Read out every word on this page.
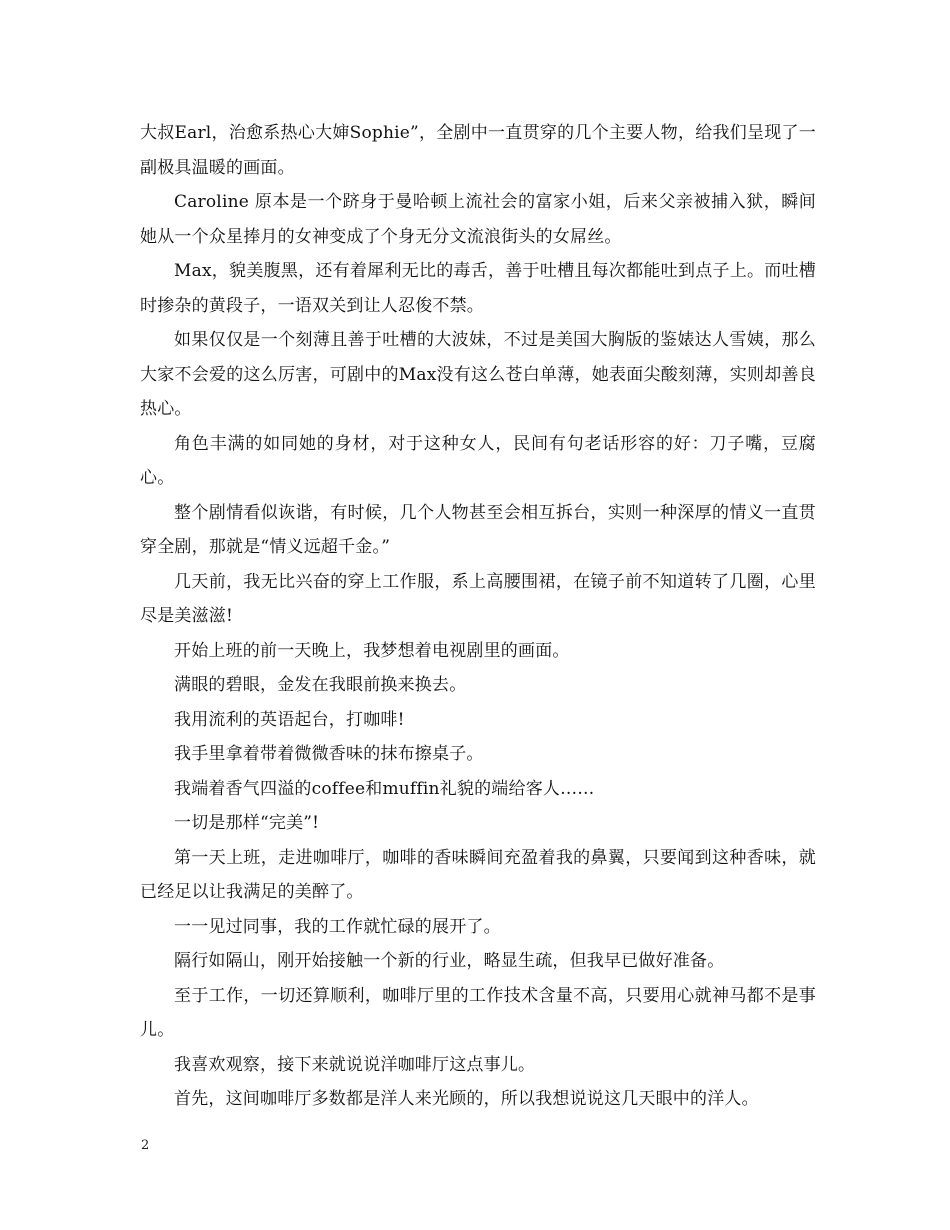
大叔Earl，治愈系热心大婶Sophie”，全剧中一直贯穿的几个主要人物，给我们呈现了一副极具温暖的画面。

Caroline 原本是一个跻身于曼哈顿上流社会的富家小姐，后来父亲被捕入狱，瞬间她从一个众星捧月的女神变成了个身无分文流浪街头的女屌丝。

Max，貌美腹黑，还有着犀利无比的毒舌，善于吐槽且每次都能吐到点子上。而吐槽时掺杂的黄段子，一语双关到让人忍俊不禁。

如果仅仅是一个刻薄且善于吐槽的大波妹，不过是美国大胸版的鉴婊达人雪姨，那么大家不会爱的这么厉害，可剧中的Max没有这么苍白单薄，她表面尖酸刻薄，实则却善良热心。

角色丰满的如同她的身材，对于这种女人，民间有句老话形容的好：刀子嘴，豆腐心。

整个剧情看似诙谐，有时候，几个人物甚至会相互拆台，实则一种深厚的情义一直贯穿全剧，那就是“情义远超千金。”

几天前，我无比兴奋的穿上工作服，系上高腰围裙，在镜子前不知道转了几圈，心里尽是美滋滋!

开始上班的前一天晚上，我梦想着电视剧里的画面。

满眼的碧眼，金发在我眼前换来换去。

我用流利的英语起台，打咖啡!

我手里拿着带着微微香味的抹布擦桌子。

我端着香气四溢的coffee和muffin礼貌的端给客人……

一切是那样“完美”!

第一天上班，走进咖啡厅，咖啡的香味瞬间充盈着我的鼻翼，只要闻到这种香味，就已经足以让我满足的美醉了。

一一见过同事，我的工作就忙碌的展开了。

隔行如隔山，刚开始接触一个新的行业，略显生疏，但我早已做好准备。

至于工作，一切还算顺利，咖啡厅里的工作技术含量不高，只要用心就神马都不是事儿。

我喜欢观察，接下来就说说洋咖啡厅这点事儿。

首先，这间咖啡厅多数都是洋人来光顾的，所以我想说说这几天眼中的洋人。

2
